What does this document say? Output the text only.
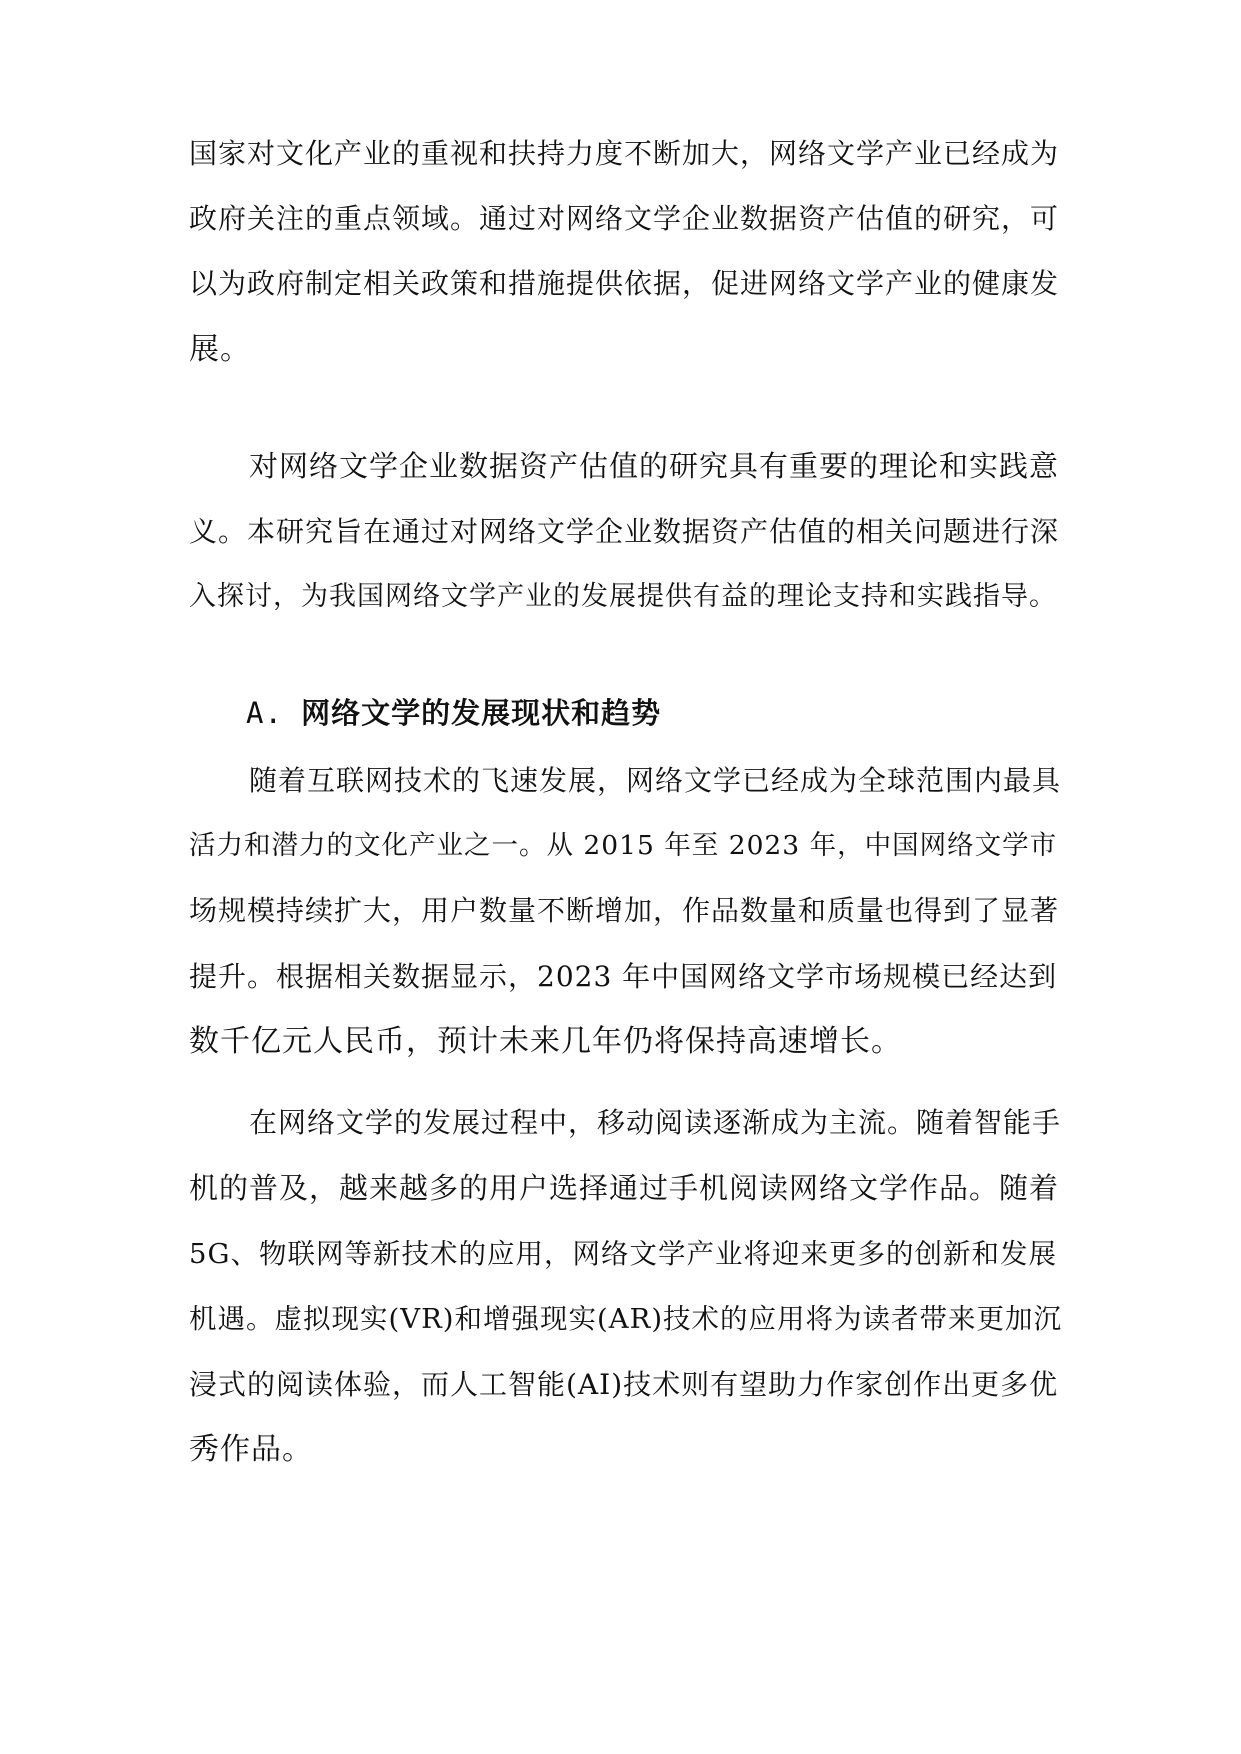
国家对文化产业的重视和扶持力度不断加大，网络文学产业已经成为
政府关注的重点领域。通过对网络文学企业数据资产估值的研究，可
以为政府制定相关政策和措施提供依据，促进网络文学产业的健康发
展。
对网络文学企业数据资产估值的研究具有重要的理论和实践意
义。本研究旨在通过对网络文学企业数据资产估值的相关问题进行深
入探讨，为我国网络文学产业的发展提供有益的理论支持和实践指导。
A. 网络文学的发展现状和趋势
随着互联网技术的飞速发展，网络文学已经成为全球范围内最具
活力和潜力的文化产业之一。从 2015 年至 2023 年，中国网络文学市
场规模持续扩大，用户数量不断增加，作品数量和质量也得到了显著
提升。根据相关数据显示，2023 年中国网络文学市场规模已经达到
数千亿元人民币，预计未来几年仍将保持高速增长。
在网络文学的发展过程中，移动阅读逐渐成为主流。随着智能手
机的普及，越来越多的用户选择通过手机阅读网络文学作品。随着
5G、物联网等新技术的应用，网络文学产业将迎来更多的创新和发展
机遇。虚拟现实(VR)和增强现实(AR)技术的应用将为读者带来更加沉
浸式的阅读体验，而人工智能(AI)技术则有望助力作家创作出更多优
秀作品。
